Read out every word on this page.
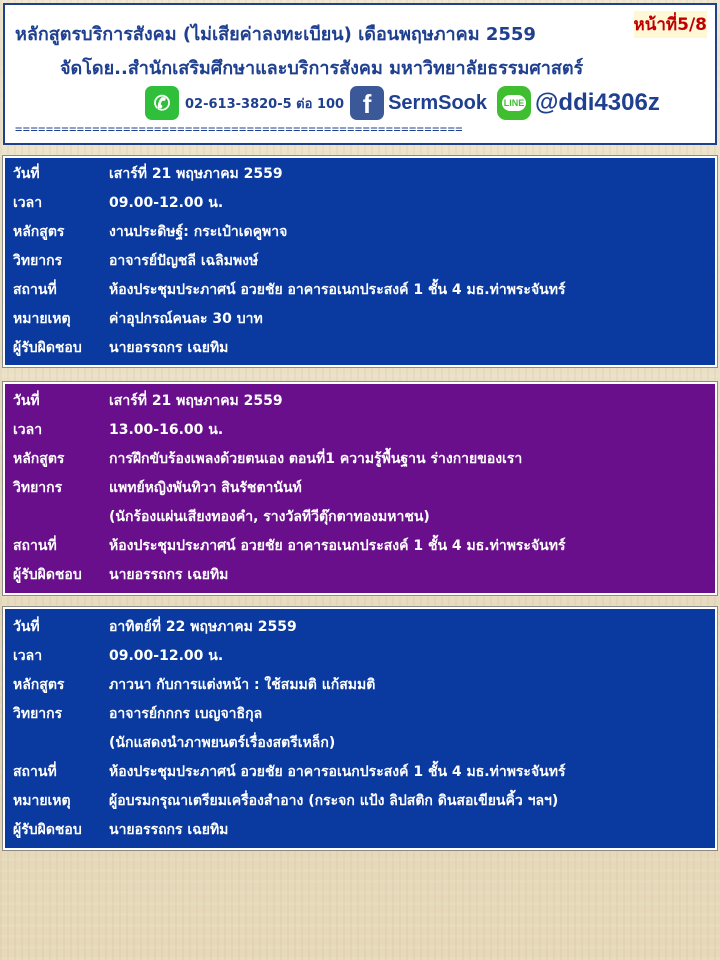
หลักสูตรบริการสังคม (ไม่เสียค่าลงทะเบียน) เดือนพฤษภาคม 2559	หน้าที่5/8
จัดโดย..สำนักเสริมศึกษาและบริการสังคม มหาวิทยาลัยธรรมศาสตร์
✆	02-613-3820-5 ต่อ 100 f SermSook LINE @ddi4306z
==========================================================
วันที่	เสาร์ที่ 21 พฤษภาคม 2559
เวลา	09.00-12.00 น.
หลักสูตร	งานประดิษฐ์: กระเป๋าเดคูพาจ
วิทยากร	อาจารย์ปัญชลี เฉลิมพงษ์
สถานที่	ห้องประชุมประภาศน์ อวยชัย อาคารอเนกประสงค์ 1 ชั้น 4 มธ.ท่าพระจันทร์
หมายเหตุ	ค่าอุปกรณ์คนละ 30 บาท
ผู้รับผิดชอบ นายอรรถกร เฉยทิม
วันที่	เสาร์ที่ 21 พฤษภาคม 2559
เวลา	13.00-16.00 น.
หลักสูตร	การฝึกขับร้องเพลงด้วยตนเอง ตอนที่1 ความรู้พื้นฐาน ร่างกายของเรา
วิทยากร	แพทย์หญิงพันทิวา สินรัชตานันท์
(นักร้องแผ่นเสียงทองคำ, รางวัลทีวีตุ๊กตาทองมหาชน)
สถานที่	ห้องประชุมประภาศน์ อวยชัย อาคารอเนกประสงค์ 1 ชั้น 4 มธ.ท่าพระจันทร์
ผู้รับผิดชอบ นายอรรถกร เฉยทิม
วันที่	อาทิตย์ที่ 22 พฤษภาคม 2559
เวลา	09.00-12.00 น.
หลักสูตร	ภาวนา กับการแต่งหน้า : ใช้สมมติ แก้สมมติ
วิทยากร	อาจารย์กกกร เบญจาธิกุล
(นักแสดงนำภาพยนตร์เรื่องสตรีเหล็ก)
สถานที่	ห้องประชุมประภาศน์ อวยชัย อาคารอเนกประสงค์ 1 ชั้น 4 มธ.ท่าพระจันทร์
หมายเหตุ	ผู้อบรมกรุณาเตรียมเครื่องสำอาง (กระจก แป้ง ลิปสติก ดินสอเขียนคิ้ว ฯลฯ)
ผู้รับผิดชอบ นายอรรถกร เฉยทิม
